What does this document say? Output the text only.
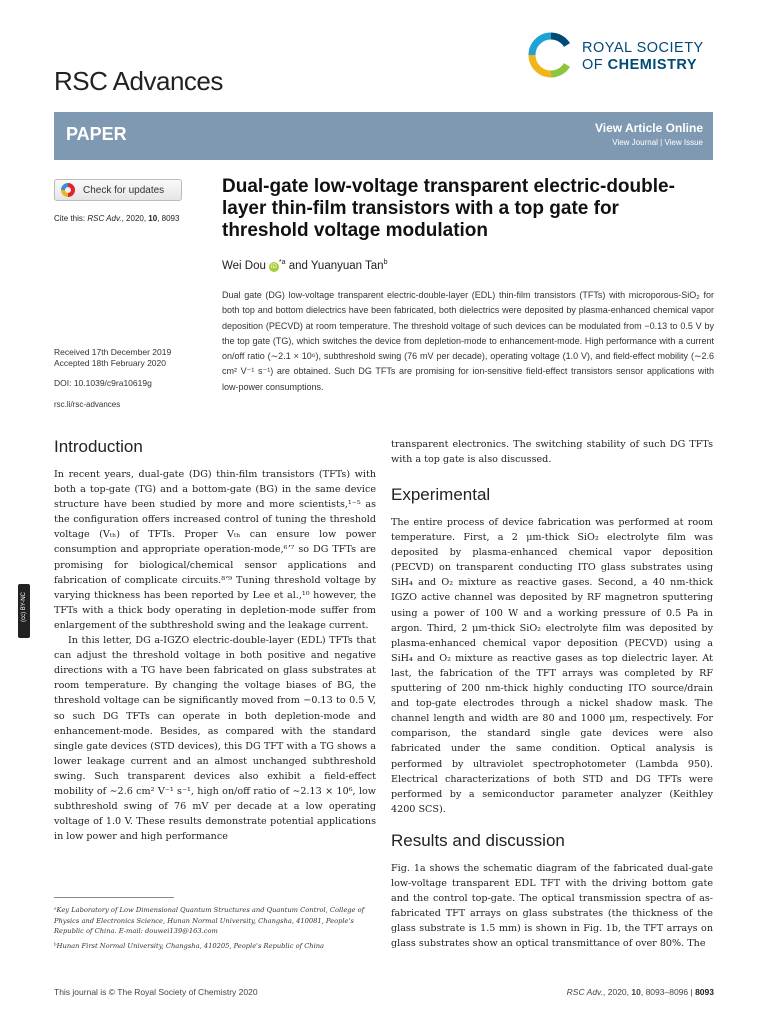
RSC Advances
ROYAL SOCIETY
OF CHEMISTRY
PAPER	View Article Online
View Journal | View Issue
Check for updates
Cite this: RSC Adv., 2020, 10, 8093
Dual-gate low-voltage transparent electric-double-layer thin-film transistors with a top gate for threshold voltage modulation
Wei Dou $iD^{*a}$ and Yuanyuan Tan$^b$
Dual gate (DG) low-voltage transparent electric-double-layer (EDL) thin-film transistors (TFTs) with microporous-SiO₂ for both top and bottom dielectrics have been fabricated, both dielectrics were deposited by plasma-enhanced chemical vapor deposition (PECVD) at room temperature. The threshold voltage of such devices can be modulated from −0.13 to 0.5 V by the top gate (TG), which switches the device from depletion-mode to enhancement-mode. High performance with a current on/off ratio (∼2.1 × 10⁶), subthreshold swing (76 mV per decade), operating voltage (1.0 V), and field-effect mobility (∼2.6 cm² V⁻¹ s⁻¹) are obtained. Such DG TFTs are promising for ion-sensitive field-effect transistors sensor applications with low-power consumptions.
Received 17th December 2019
Accepted 18th February 2020
DOI: 10.1039/c9ra10619g
rsc.li/rsc-advances
(cc) BY-NC
Introduction

In recent years, dual-gate (DG) thin-film transistors (TFTs) with both a top-gate (TG) and a bottom-gate (BG) in the same device structure have been studied by more and more scientists,¹⁻⁵ as the configuration offers increased control of tuning the threshold voltage (Vₜₕ) of TFTs. Proper Vₜₕ can ensure low power consumption and appropriate operation-mode,⁶ʼ⁷ so DG TFTs are promising for biological/chemical sensor applications and fabrication of complicate circuits.⁸ʼ⁹ Tuning threshold voltage by varying thickness has been reported by Lee et al.,¹⁰ however, the TFTs with a thick body operating in depletion-mode suffer from enlargement of the subthreshold swing and the leakage current.

In this letter, DG a-IGZO electric-double-layer (EDL) TFTs that can adjust the threshold voltage in both positive and negative directions with a TG have been fabricated on glass substrates at room temperature. By changing the voltage biases of BG, the threshold voltage can be significantly moved from −0.13 to 0.5 V, so such DG TFTs can operate in both depletion-mode and enhancement-mode. Besides, as compared with the standard single gate devices (STD devices), this DG TFT with a TG shows a lower leakage current and an almost unchanged subthreshold swing. Such transparent devices also exhibit a field-effect mobility of ∼2.6 cm² V⁻¹ s⁻¹, high on/off ratio of ∼2.13 × 10⁶, low subthreshold swing of 76 mV per decade at a low operating voltage of 1.0 V. These results demonstrate potential applications in low power and high performance

ᵃKey Laboratory of Low Dimensional Quantum Structures and Quantum Control, College of Physics and Electronics Science, Hunan Normal University, Changsha, 410081, People's Republic of China. E-mail: douwei139@163.com

ᵇHunan First Normal University, Changsha, 410205, People's Republic of China

transparent electronics. The switching stability of such DG TFTs with a top gate is also discussed.

Experimental

The entire process of device fabrication was performed at room temperature. First, a 2 μm-thick SiO₂ electrolyte film was deposited by plasma-enhanced chemical vapor deposition (PECVD) on transparent conducting ITO glass substrates using SiH₄ and O₂ mixture as reactive gases. Second, a 40 nm-thick IGZO active channel was deposited by RF magnetron sputtering using a power of 100 W and a working pressure of 0.5 Pa in argon. Third, 2 μm-thick SiO₂ electrolyte film was deposited by plasma-enhanced chemical vapor deposition (PECVD) using a SiH₄ and O₂ mixture as reactive gases as top dielectric layer. At last, the fabrication of the TFT arrays was completed by RF sputtering of 200 nm-thick highly conducting ITO source/drain and top-gate electrodes through a nickel shadow mask. The channel length and width are 80 and 1000 μm, respectively. For comparison, the standard single gate devices were also fabricated under the same condition. Optical analysis is performed by ultraviolet spectrophotometer (Lambda 950). Electrical characterizations of both STD and DG TFTs were performed by a semiconductor parameter analyzer (Keithley 4200 SCS).

Results and discussion

Fig. 1a shows the schematic diagram of the fabricated dual-gate low-voltage transparent EDL TFT with the driving bottom gate and the control top-gate. The optical transmission spectra of as-fabricated TFT arrays on glass substrates (the thickness of the glass substrate is 1.5 mm) is shown in Fig. 1b, the TFT arrays on glass substrates show an optical transmittance of over 80%. The

This journal is © The Royal Society of Chemistry 2020	RSC Adv., 2020, 10, 8093–8096 | 8093
